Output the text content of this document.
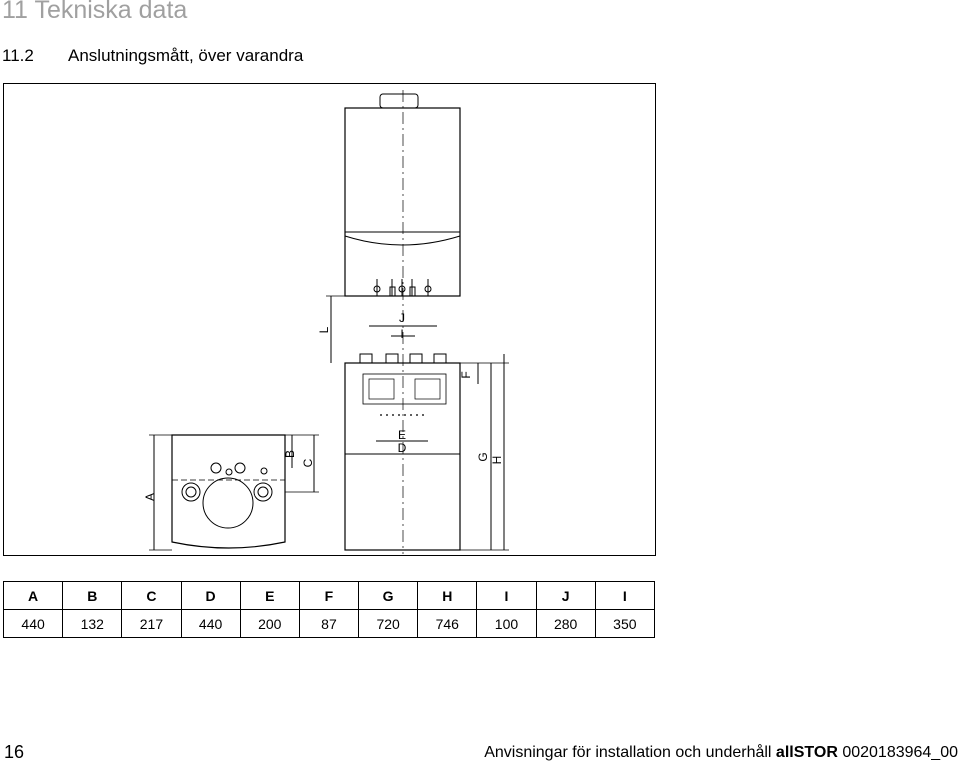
11 Tekniska data
11.2 Anslutningsmått, över varandra
A
B
C
D
E
F
G H
I
J
L
A	B	C	D	E	F	G	H	I	J	I
440	132	217	440	200	87	720	746	100	280	350
16	Anvisningar för installation och underhåll allSTOR 0020183964_00
